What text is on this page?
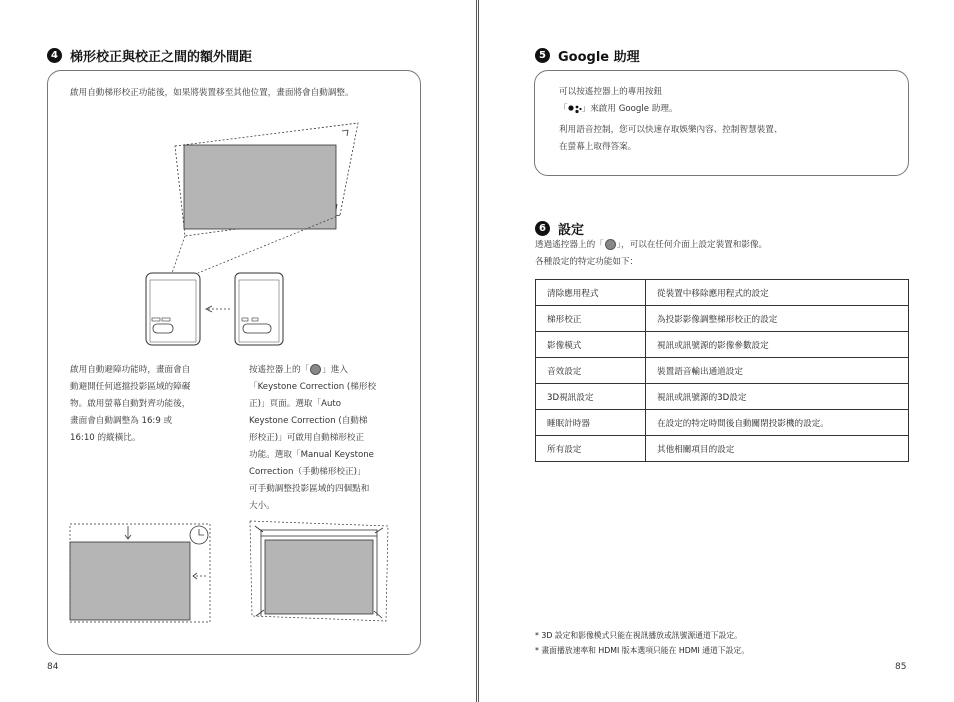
4 梯形校正與校正之間的額外間距
啟用自動梯形校正功能後，如果將裝置移至其他位置，畫面將會自動調整。
啟用自動避障功能時，畫面會自
動避開任何遮擋投影區域的障礙
物。啟用螢幕自動對齊功能後，
畫面會自動調整為 16:9 或
16:10 的縱橫比。
按遙控器上的「 」進入
「Keystone Correction (梯形校
正)」頁面。選取「Auto
Keystone Correction (自動梯
形校正)」可啟用自動梯形校正
功能。選取「Manual Keystone
Correction（手動梯形校正)」
可手動調整投影區域的四個點和
大小。
84
5 Google 助理
可以按遙控器上的專用按鈕
「 」來啟用 Google 助理。
利用語音控制，您可以快速存取娛樂內容、控制智慧裝置、
在螢幕上取得答案。
6 設定
透過遙控器上的「 」，可以在任何介面上設定裝置和影像。
各種設定的特定功能如下：
清除應用程式	從裝置中移除應用程式的設定
梯形校正	為投影影像調整梯形校正的設定
影像模式	視訊或訊號源的影像參數設定
音效設定	裝置語音輸出通道設定
3D視訊設定	視訊或訊號源的3D設定
睡眠計時器	在設定的特定時間後自動關閉投影機的設定。
所有設定	其他相關項目的設定
* 3D 設定和影像模式只能在視訊播放或訊號源通道下設定。
* 畫面播放速率和 HDMI 版本選項只能在 HDMI 通道下設定。
85
